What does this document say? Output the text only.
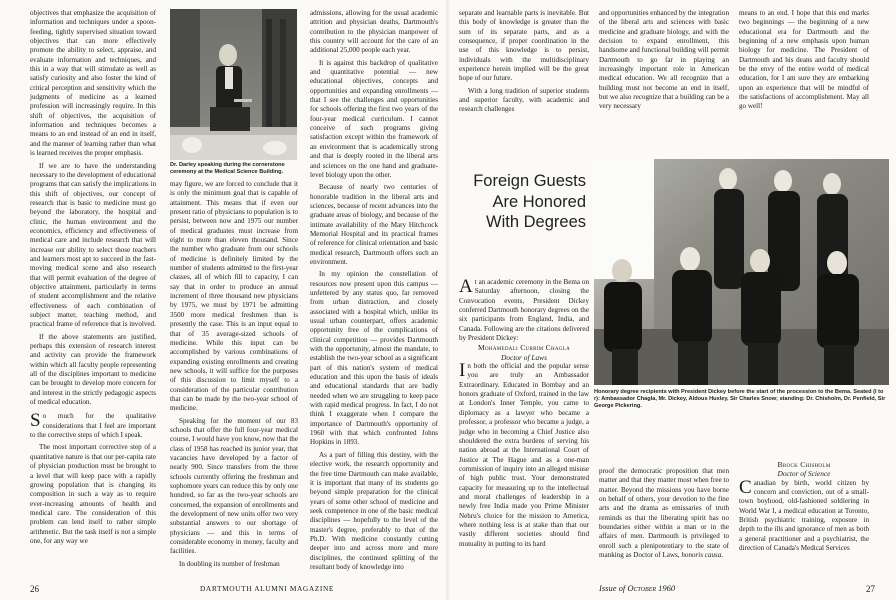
objectives that emphasize the acquisition of information and techniques under a spoon-feeding, tightly supervised situation toward objectives that can more effectively promote the ability to select, appraise, and evaluate information and techniques, and this in a way that will stimulate as well as satisfy curiosity and also foster the kind of critical perception and sensitivity which the judgments of medicine as a learned profession will increasingly require. In this shift of objectives, the acquisition of information and techniques becomes a means to an end instead of an end in itself, and the manner of learning rather than what is learned receives the proper emphasis.

If we are to have the understanding necessary to the development of educational programs that can satisfy the implications in this shift of objectives, our concept of research that is basic to medicine must go beyond the laboratory, the hospital and clinic, the human environment and the economics, efficiency and effectiveness of medical care and include research that will increase our ability to select those teachers and learners most apt to succeed in the fast-moving medical scene and also research that will permit evaluation of the degree of objective attainment, particularly in terms of student accomplishment and the relative effectiveness of each combination of subject matter, teaching method, and practical frame of reference that is involved.

If the above statements are justified, perhaps this extension of research interest and activity can provide the framework within which all faculty people representing all of the disciplines important to medicine can be brought to develop more concern for and interest in the strictly pedagogic aspects of medical education.

So much for the qualitative considerations that I feel are important to the corrective steps of which I speak.

The most important corrective step of a quantitative nature is that our per-capita rate of physician production must be brought to a level that will keep pace with a rapidly growing population that is changing its composition in such a way as to require ever-increasing amounts of health and medical care. The consideration of this problem can lend itself to rather simple arithmetic. But the task itself is not a simple one, for any way we

Dr. Darley speaking during the cornerstone ceremony at the Medical Science Building.

may figure, we are forced to conclude that it is only the minimum goal that is capable of attainment. This means that if even our present ratio of physicians to population is to persist, between now and 1975 our number of medical graduates must increase from eight to more than eleven thousand. Since the number who graduate from our schools of medicine is definitely limited by the number of students admitted to the first-year classes, all of which fill to capacity, I can say that in order to produce an annual increment of three thousand new physicians by 1975, we must by 1971 be admitting 3500 more medical freshmen than is presently the case. This is an input equal to that of 35 average-sized schools of medicine. While this input can be accomplished by various combinations of expanding existing enrollments and creating new schools, it will suffice for the purposes of this discussion to limit myself to a consideration of the particular contribution that can be made by the two-year school of medicine.

Speaking for the moment of our 83 schools that offer the full four-year medical course, I would have you know, now that the class of 1958 has reached its junior year, that vacancies have developed by a factor of nearly 900. Since transfers from the three schools currently offering the freshman and sophomore years can reduce this by only one hundred, so far as the two-year schools are concerned, the expansion of enrollments and the development of new units offer two very substantial answers to our shortage of physicians — and this in terms of considerable economy in money, faculty and facilities.

In doubling its number of freshman

admissions, allowing for the usual academic attrition and physician deaths, Dartmouth's contribution to the physician manpower of this country will account for the care of an additional 25,000 people each year.

It is against this backdrop of qualitative and quantitative potential — new educational objectives, concepts and opportunities and expanding enrollments — that I see the challenges and opportunities for schools offering the first two years of the four-year medical curriculum. I cannot conceive of such programs giving satisfaction except within the framework of an environment that is academically strong and that is deeply rooted in the liberal arts and sciences on the one hand and graduate-level biology upon the other.

Because of nearly two centuries of honorable tradition in the liberal arts and sciences, because of recent advances into the graduate areas of biology, and because of the intimate availability of the Mary Hitchcock Memorial Hospital and its practical frames of reference for clinical orientation and basic medical research, Dartmouth offers such an environment.

In my opinion the constellation of resources now present upon this campus — unfettered by any status quo, far removed from urban distraction, and closely associated with a hospital which, unlike its usual urban counterpart, offers academic opportunity free of the complications of clinical competition — provides Dartmouth with the opportunity, almost the mandate, to establish the two-year school as a significant part of this nation's system of medical education and this upon the basis of ideals and educational standards that are badly needed when we are struggling to keep pace with rapid medical progress. In fact, I do not think I exaggerate when I compare the importance of Dartmouth's opportunity of 1960 with that which confronted Johns Hopkins in 1893.

As a part of filling this destiny, with the elective work, the research opportunity and the free time Dartmouth can make available, it is important that many of its students go beyond simple preparation for the clinical years of some other school of medicine and seek competence in one of the basic medical disciplines — hopefully to the level of the master's degree, preferably to that of the Ph.D. With medicine constantly cutting deeper into and across more and more disciplines, the continued splitting of the resultant body of knowledge into

26	DARTMOUTH ALUMNI MAGAZINE

separate and learnable parts is inevitable. But this body of knowledge is greater than the sum of its separate parts, and as a consequence, if proper coordination in the use of this knowledge is to persist, individuals with the multidisciplinary experience herein implied will be the great hope of our future.

With a long tradition of superior students and superior faculty, with academic and research challenges

and opportunities enhanced by the integration of the liberal arts and sciences with basic medicine and graduate biology, and with the decision to expand enrollment, this handsome and functional building will permit Dartmouth to go far in playing an increasingly important role in American medical education. We all recognize that a building must not become an end in itself, but we also recognize that a building can be a very necessary

means to an end. I hope that this end marks two beginnings — the beginning of a new educational era for Dartmouth and the beginning of a new emphasis upon human biology for medicine. The President of Dartmouth and his deans and faculty should be the envy of the entire world of medical education, for I am sure they are embarking upon an experience that will be mindful of the satisfactions of accomplishment. May all go well!

Foreign Guests
Are Honored
With Degrees

At an academic ceremony in the Bema on Saturday afternoon, closing the Convocation events, President Dickey conferred Dartmouth honorary degrees on the six participants from England, India, and Canada. Following are the citations delivered by President Dickey:

Mohamedali Currim Chagla

Doctor of Laws

In both the official and the popular sense you are truly an Ambassador Extraordinary. Educated in Bombay and an honors graduate of Oxford, trained in the law at London's Inner Temple, you came to diplomacy as a lawyer who became a professor, a professor who became a judge, a judge who in becoming a Chief Justice also shouldered the extra burdens of serving his nation abroad at the International Court of Justice at The Hague and as a one-man commission of inquiry into an alleged misuse of high public trust. Your demonstrated capacity for measuring up to the intellectual and moral challenges of leadership in a newly free India made you Prime Minister Nehru's choice for the mission to America, where nothing less is at stake than that our vastly different societies should find mutuality in putting to its hard

Honorary degree recipients with President Dickey before the start of the procession to the Bema. Seated (l to r): Ambassador Chagla, Mr. Dickey, Aldous Huxley, Sir Charles Snow; standing: Dr. Chisholm, Dr. Penfield, Sir George Pickering.

proof the democratic proposition that men matter and that they matter most when free to matter. Beyond the missions you have borne on behalf of others, your devotion to the fine arts and the drama as emissaries of truth reminds us that the liberating spirit has no boundaries either within a man or in the affairs of men. Dartmouth is privileged to enroll such a plenipotentiary to the state of manking as Doctor of Laws, honoris causa.

Brock Chisholm

Doctor of Science

Canadian by birth, world citizen by concern and conviction, out of a small-town boyhood, old-fashioned soldiering in World War I, a medical education at Toronto, British psychiatric training, exposure in depth to the ills and ignorance of men as both a general practitioner and a psychiatrist, the direction of Canada's Medical Services

Issue of October 1960	27
